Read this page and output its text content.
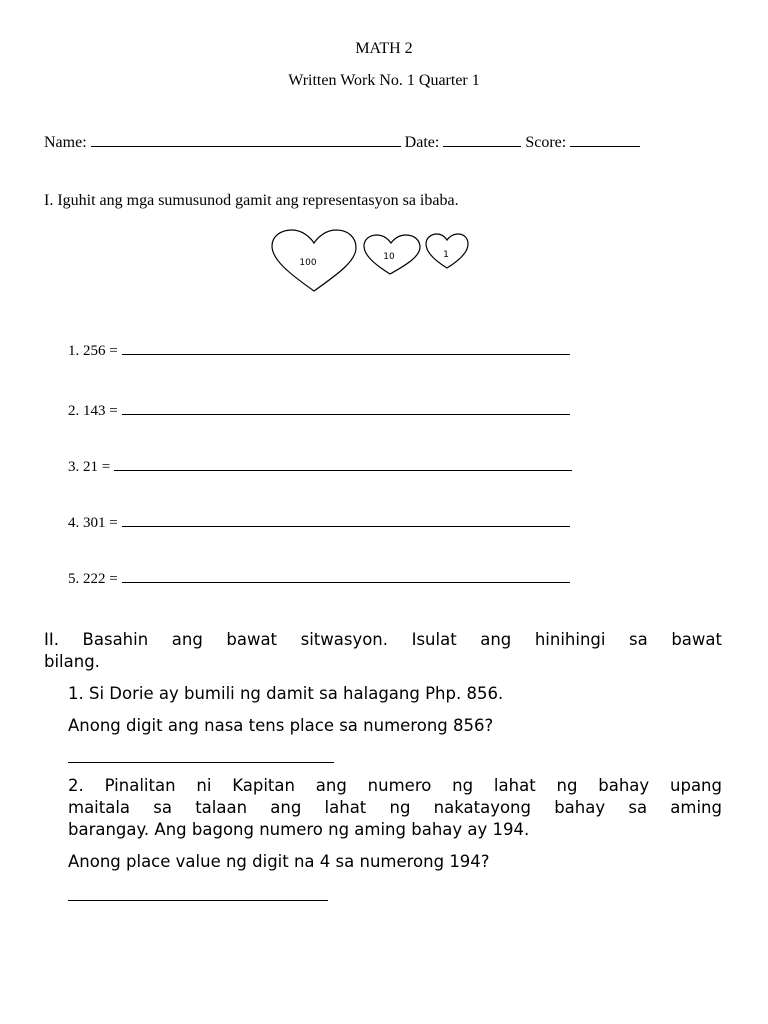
MATH 2
Written Work No. 1 Quarter 1
Name:	Date:	Score:
I. Iguhit ang mga sumusunod gamit ang representasyon sa ibaba.
100
10	1
1. 256 =
2. 143 =
3. 21 =
4. 301 =
5. 222 =
II. Basahin ang bawat sitwasyon. Isulat ang hinihingi sa bawat
bilang.
1. Si Dorie ay bumili ng damit sa halagang Php. 856.
Anong digit ang nasa tens place sa numerong 856?
2. Pinalitan ni Kapitan ang numero ng lahat ng bahay upang
maitala sa talaan ang lahat ng nakatayong bahay sa aming
barangay. Ang bagong numero ng aming bahay ay 194.
Anong place value ng digit na 4 sa numerong 194?
